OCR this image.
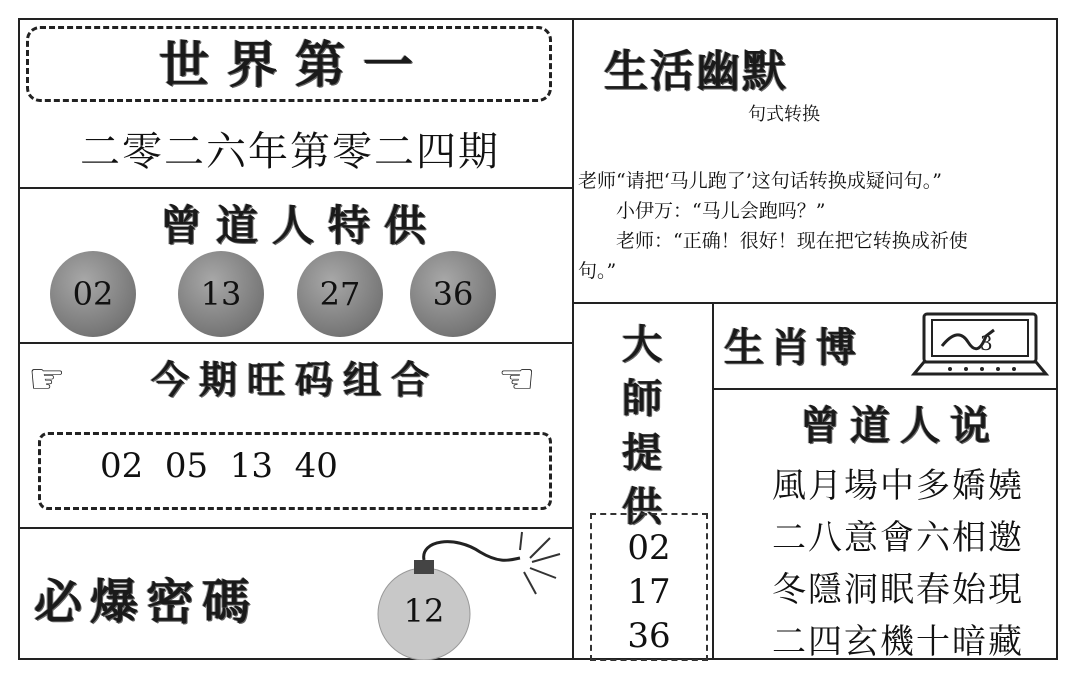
世界第一
二零二六年第零二四期
曾道人特供
02	13	27	36
☞	☜
今期旺码组合
02  05  13  40
必爆密碼	12
生活幽默
句式转换
老师“请把‘马儿跑了’这句话转换成疑问句。”
　　小伊万：“马儿会跑吗？”
　　老师：“正确！很好！现在把它转换成祈使
句。”
大
師
提
供
02
17
36
生肖博	3
曾道人说
風月場中多嬌嬈
二八意會六相邀
冬隱洞眠春始現
二四玄機十暗藏
